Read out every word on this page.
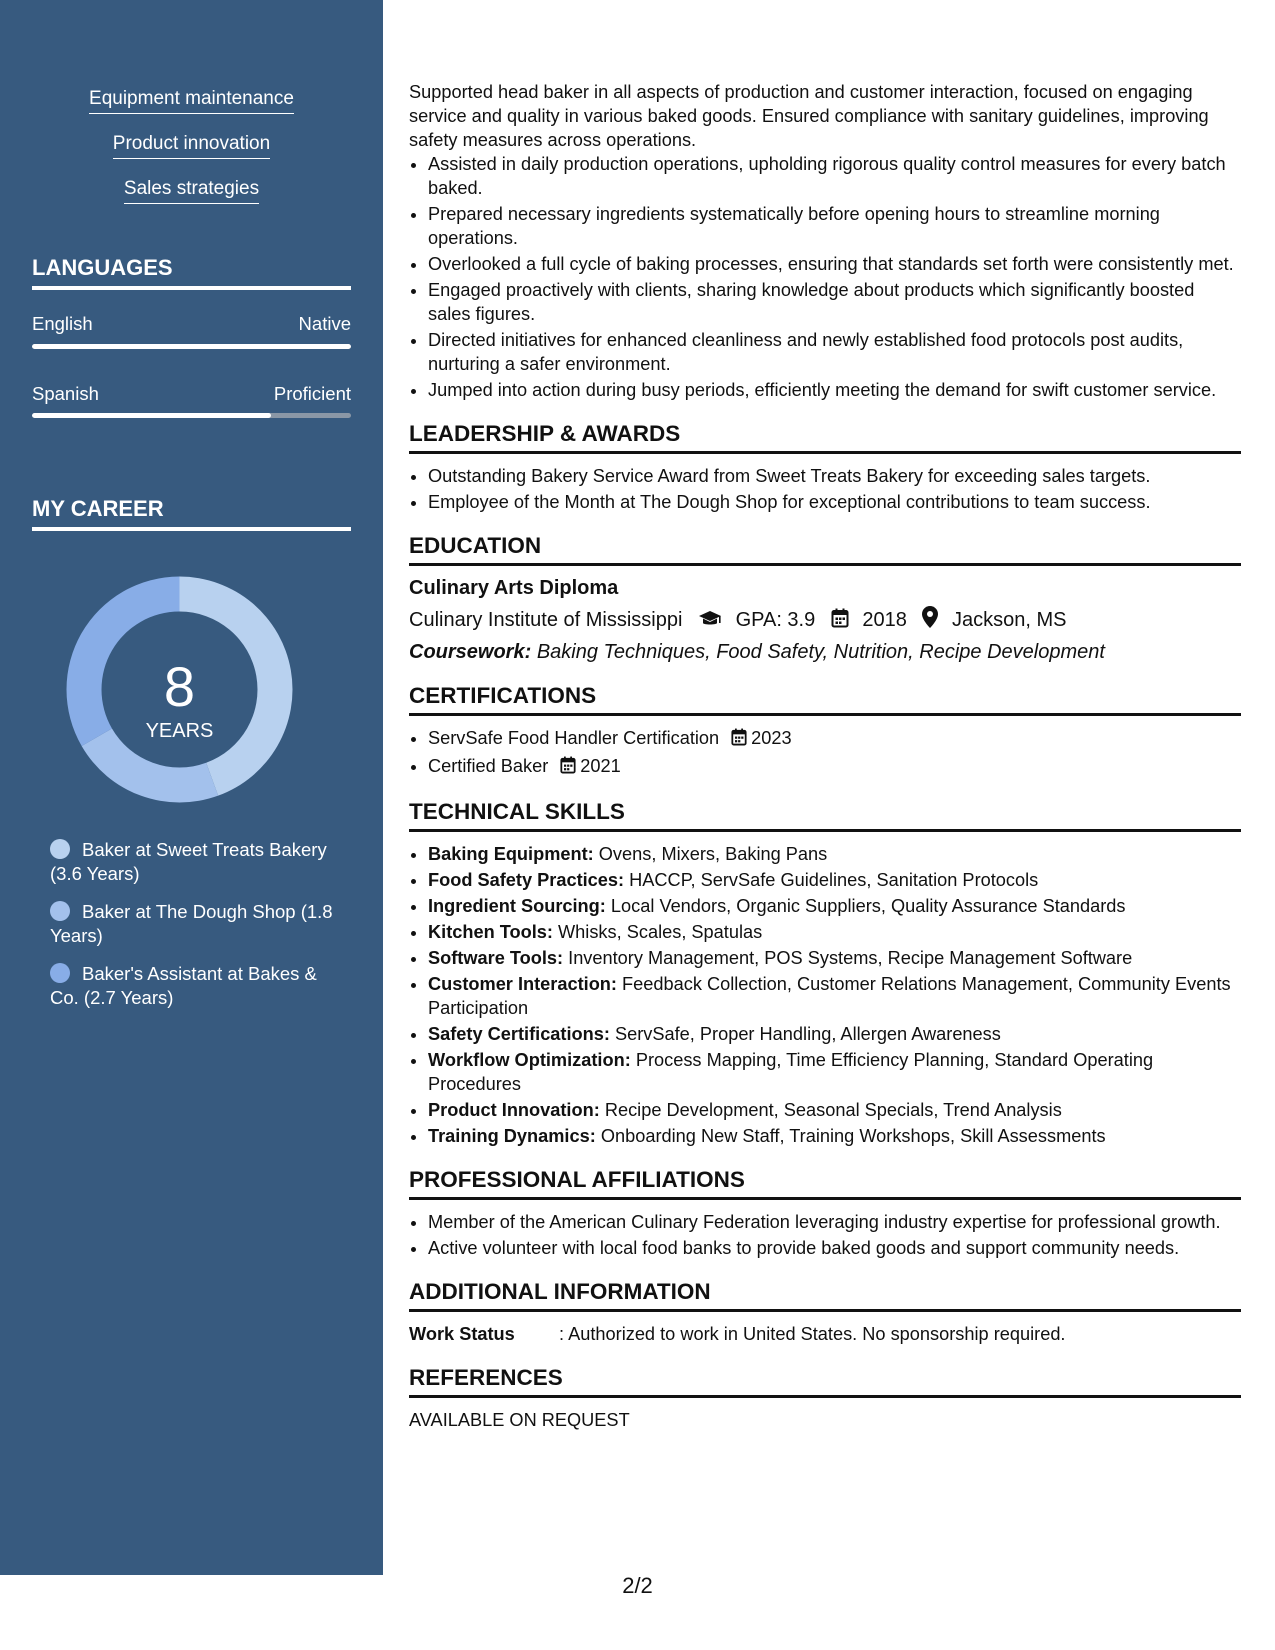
Equipment maintenance
Product innovation
Sales strategies
LANGUAGES
English	Native
Spanish	Proficient
MY CAREER
8
YEARS
Baker at Sweet Treats Bakery (3.6 Years)
Baker at The Dough Shop (1.8 Years)
Baker's Assistant at Bakes & Co. (2.7 Years)

Supported head baker in all aspects of production and customer interaction, focused on engaging service and quality in various baked goods. Ensured compliance with sanitary guidelines, improving safety measures across operations.

• Assisted in daily production operations, upholding rigorous quality control measures for every batch baked.
• Prepared necessary ingredients systematically before opening hours to streamline morning operations.
• Overlooked a full cycle of baking processes, ensuring that standards set forth were consistently met.
• Engaged proactively with clients, sharing knowledge about products which significantly boosted sales figures.
• Directed initiatives for enhanced cleanliness and newly established food protocols post audits, nurturing a safer environment.
• Jumped into action during busy periods, efficiently meeting the demand for swift customer service.
LEADERSHIP & AWARDS
• Outstanding Bakery Service Award from Sweet Treats Bakery for exceeding sales targets.
• Employee of the Month at The Dough Shop for exceptional contributions to team success.
EDUCATION
Culinary Arts Diploma
Culinary Institute of Mississippi	GPA: 3.9 2018 Jackson, MS
Coursework: Baking Techniques, Food Safety, Nutrition, Recipe Development
CERTIFICATIONS
• ServSafe Food Handler Certification 2023
• Certified Baker 2021
TECHNICAL SKILLS
• Baking Equipment: Ovens, Mixers, Baking Pans
• Food Safety Practices: HACCP, ServSafe Guidelines, Sanitation Protocols
• Ingredient Sourcing: Local Vendors, Organic Suppliers, Quality Assurance Standards
• Kitchen Tools: Whisks, Scales, Spatulas
• Software Tools: Inventory Management, POS Systems, Recipe Management Software
• Customer Interaction: Feedback Collection, Customer Relations Management, Community Events Participation
• Safety Certifications: ServSafe, Proper Handling, Allergen Awareness
• Workflow Optimization: Process Mapping, Time Efficiency Planning, Standard Operating Procedures
• Product Innovation: Recipe Development, Seasonal Specials, Trend Analysis
• Training Dynamics: Onboarding New Staff, Training Workshops, Skill Assessments
PROFESSIONAL AFFILIATIONS
• Member of the American Culinary Federation leveraging industry expertise for professional growth.
• Active volunteer with local food banks to provide baked goods and support community needs.
ADDITIONAL INFORMATION
Work Status : Authorized to work in United States. No sponsorship required.
REFERENCES
AVAILABLE ON REQUEST
2/2
